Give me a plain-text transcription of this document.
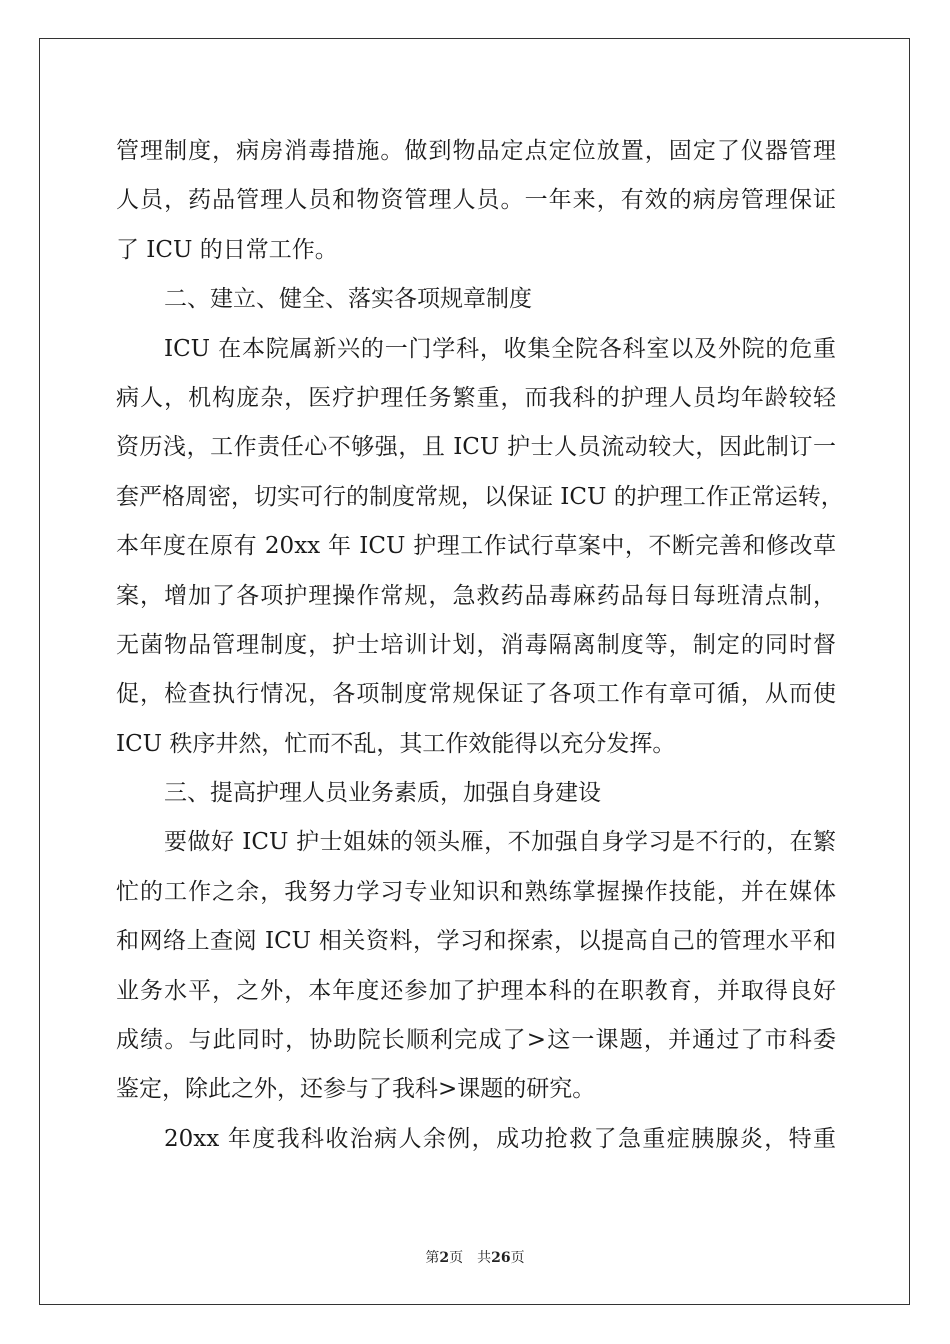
管理制度，病房消毒措施。做到物品定点定位放置，固定了仪器管理
人员，药品管理人员和物资管理人员。一年来，有效的病房管理保证
了 ICU 的日常工作。
二、建立、健全、落实各项规章制度
ICU 在本院属新兴的一门学科，收集全院各科室以及外院的危重
病人，机构庞杂，医疗护理任务繁重，而我科的护理人员均年龄较轻
资历浅，工作责任心不够强，且 ICU 护士人员流动较大，因此制订一
套严格周密，切实可行的制度常规，以保证 ICU 的护理工作正常运转，
本年度在原有 20xx 年 ICU 护理工作试行草案中，不断完善和修改草
案，增加了各项护理操作常规，急救药品毒麻药品每日每班清点制，
无菌物品管理制度，护士培训计划，消毒隔离制度等，制定的同时督
促，检查执行情况，各项制度常规保证了各项工作有章可循，从而使
ICU 秩序井然，忙而不乱，其工作效能得以充分发挥。
三、提高护理人员业务素质，加强自身建设
要做好 ICU 护士姐妹的领头雁，不加强自身学习是不行的，在繁
忙的工作之余，我努力学习专业知识和熟练掌握操作技能，并在媒体
和网络上查阅 ICU 相关资料，学习和探索，以提高自己的管理水平和
业务水平，之外，本年度还参加了护理本科的在职教育，并取得良好
成绩。与此同时，协助院长顺利完成了>这一课题，并通过了市科委
鉴定，除此之外，还参与了我科>课题的研究。
20xx 年度我科收治病人余例，成功抢救了急重症胰腺炎，特重
第2页 共26页
